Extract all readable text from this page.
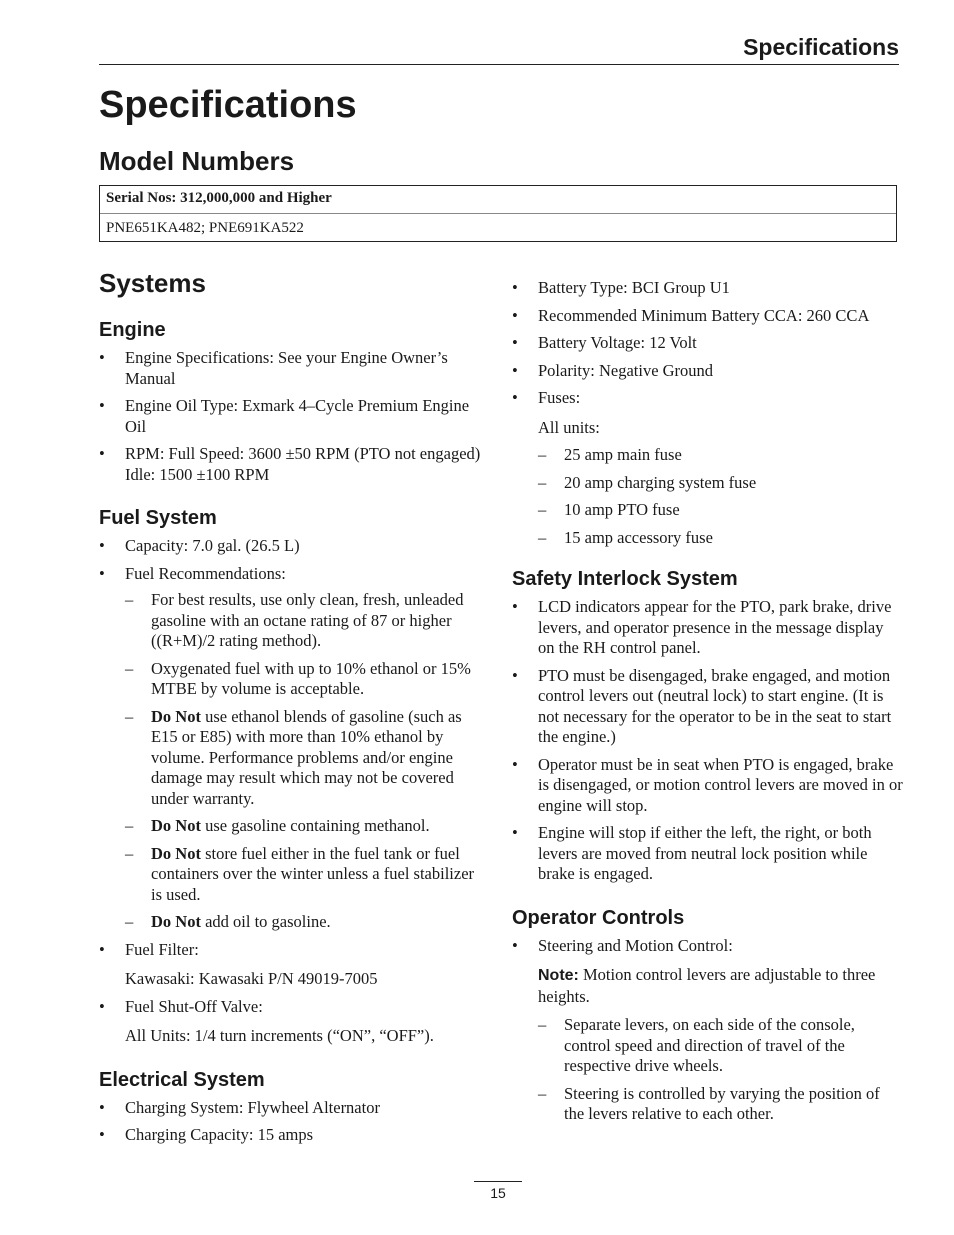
Specifications
Specifications
Model Numbers
Serial Nos: 312,000,000 and Higher
PNE651KA482; PNE691KA522
Systems
Engine
• Engine Specifications: See your Engine Owner’s Manual
• Engine Oil Type: Exmark 4–Cycle Premium Engine Oil
• RPM: Full Speed: 3600 ±50 RPM (PTO not engaged) Idle: 1500 ±100 RPM
Fuel System
• Capacity: 7.0 gal. (26.5 L)
• Fuel Recommendations:
– For best results, use only clean, fresh, unleaded gasoline with an octane rating of 87 or higher ((R+M)/2 rating method).
– Oxygenated fuel with up to 10% ethanol or 15% MTBE by volume is acceptable.
– Do Not use ethanol blends of gasoline (such as E15 or E85) with more than 10% ethanol by volume. Performance problems and/or engine damage may result which may not be covered under warranty.
– Do Not use gasoline containing methanol.
– Do Not store fuel either in the fuel tank or fuel containers over the winter unless a fuel stabilizer is used.
– Do Not add oil to gasoline.
• Fuel Filter:
Kawasaki: Kawasaki P/N 49019-7005
• Fuel Shut-Off Valve:
All Units: 1/4 turn increments (“ON”, “OFF”).
Electrical System
• Charging System: Flywheel Alternator
• Charging Capacity: 15 amps
• Battery Type: BCI Group U1
• Recommended Minimum Battery CCA: 260 CCA
• Battery Voltage: 12 Volt
• Polarity: Negative Ground
• Fuses:
All units:
– 25 amp main fuse
– 20 amp charging system fuse
– 10 amp PTO fuse
– 15 amp accessory fuse
Safety Interlock System
• LCD indicators appear for the PTO, park brake, drive levers, and operator presence in the message display on the RH control panel.
• PTO must be disengaged, brake engaged, and motion control levers out (neutral lock) to start engine. (It is not necessary for the operator to be in the seat to start the engine.)
• Operator must be in seat when PTO is engaged, brake is disengaged, or motion control levers are moved in or engine will stop.
• Engine will stop if either the left, the right, or both levers are moved from neutral lock position while brake is engaged.
Operator Controls
• Steering and Motion Control:
Note: Motion control levers are adjustable to three heights.
– Separate levers, on each side of the console, control speed and direction of travel of the respective drive wheels.
– Steering is controlled by varying the position of the levers relative to each other.
15
